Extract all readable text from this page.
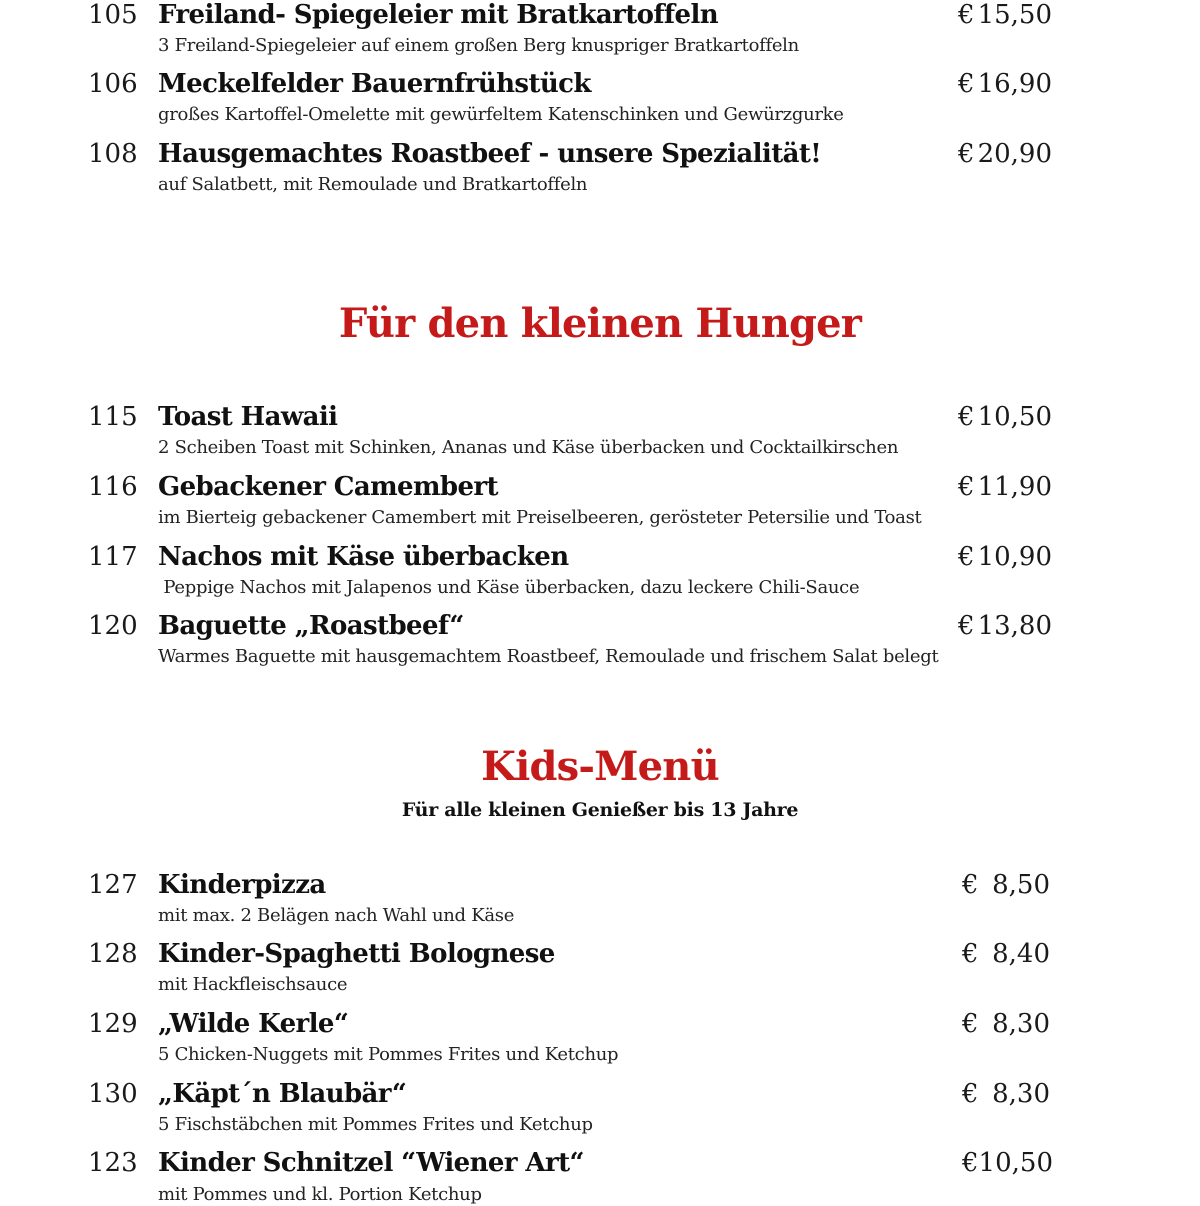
105 Freiland- Spiegeleier mit Bratkartoffeln
3 Freiland-Spiegeleier auf einem großen Berg knuspriger Bratkartoffeln
€ 15,50
106 Meckelfelder Bauernfrühstück
großes Kartoffel-Omelette mit gewürfeltem Katenschinken und Gewürzgurke
€ 16,90
108 Hausgemachtes Roastbeef - unsere Spezialität!
auf Salatbett, mit Remoulade und Bratkartoffeln
€ 20,90
Für den kleinen Hunger
115 Toast Hawaii
2 Scheiben Toast mit Schinken, Ananas und Käse überbacken und Cocktailkirschen
€ 10,50
116 Gebackener Camembert
im Bierteig gebackener Camembert mit Preiselbeeren, gerösteter Petersilie und Toast
€ 11,90
117 Nachos mit Käse überbacken
Peppige Nachos mit Jalapenos und Käse überbacken, dazu leckere Chili-Sauce
€ 10,90
120 Baguette „Roastbeef“
Warmes Baguette mit hausgemachtem Roastbeef, Remoulade und frischem Salat belegt
€ 13,80
Kids-Menü
Für alle kleinen Genießer bis 13 Jahre
127 Kinderpizza
mit max. 2 Belägen nach Wahl und Käse
€ 8,50
128 Kinder-Spaghetti Bolognese
mit Hackfleischsauce
€ 8,40
129 „Wilde Kerle“
5 Chicken-Nuggets mit Pommes Frites und Ketchup
€ 8,30
130 „Käpt´n Blaubär“
5 Fischstäbchen mit Pommes Frites und Ketchup
€ 8,30
123 Kinder Schnitzel “Wiener Art“
mit Pommes und kl. Portion Ketchup
€ 10,50
